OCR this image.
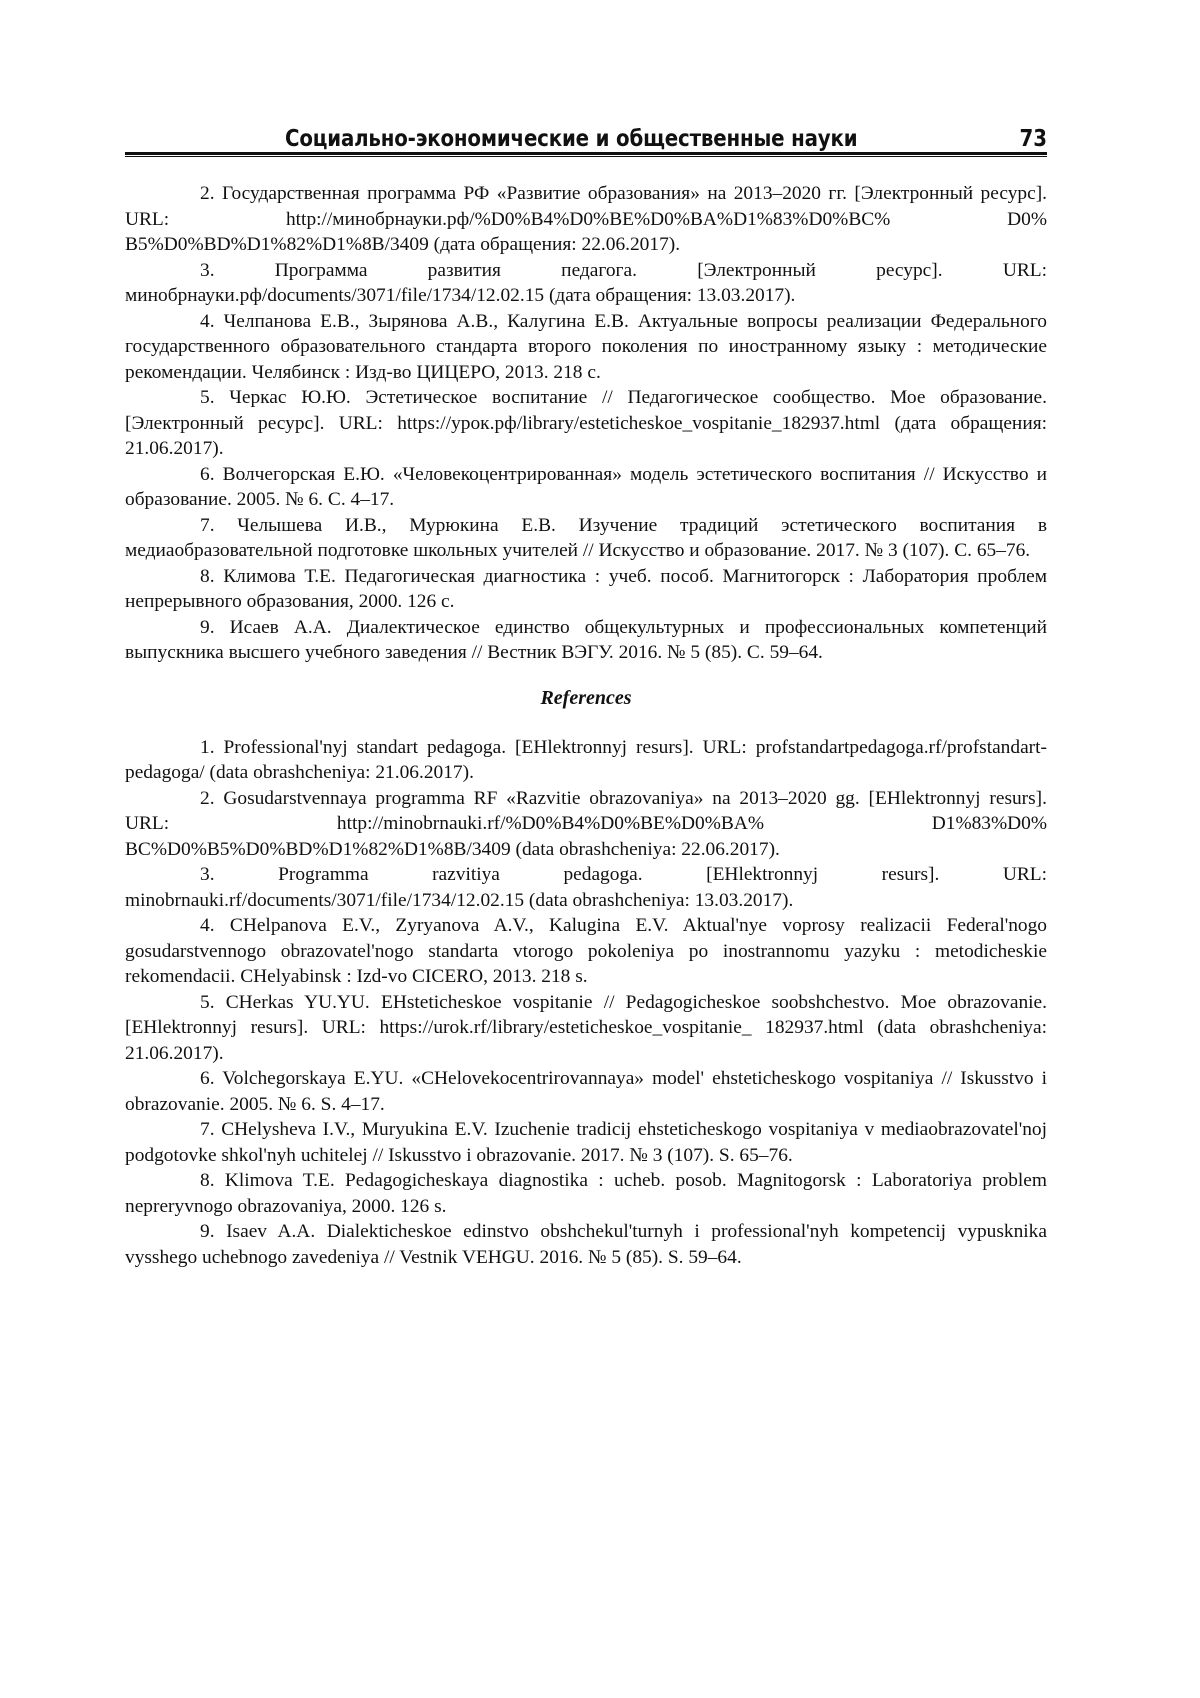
Социально-экономические и общественные науки	73

2. Государственная программа РФ «Развитие образования» на 2013–2020 гг. [Электронный ресурс]. URL: http://минобрнауки.рф/%D0%B4%D0%BE%D0%BA%D1%83%D0%BC% D0% B5%D0%BD%D1%82%D1%8B/3409 (дата обращения: 22.06.2017).

3. Программа развития педагога. [Электронный ресурс]. URL: минобрнауки.рф/documents/3071/file/1734/12.02.15 (дата обращения: 13.03.2017).

4. Челпанова Е.В., Зырянова А.В., Калугина Е.В. Актуальные вопросы реализации Федерального государственного образовательного стандарта второго поколения по иностранному языку : методические рекомендации. Челябинск : Изд-во ЦИЦЕРО, 2013. 218 с.

5. Черкас Ю.Ю. Эстетическое воспитание // Педагогическое сообщество. Мое образование. [Электронный ресурс]. URL: https://урок.рф/library/esteticheskoe_vospitanie_182937.html (дата обращения: 21.06.2017).

6. Волчегорская Е.Ю. «Человекоцентрированная» модель эстетического воспитания // Искусство и образование. 2005. № 6. С. 4–17.

7. Челышева И.В., Мурюкина Е.В. Изучение традиций эстетического воспитания в медиаобразовательной подготовке школьных учителей // Искусство и образование. 2017. № 3 (107). С. 65–76.

8. Климова Т.Е. Педагогическая диагностика : учеб. пособ. Магнитогорск : Лаборатория проблем непрерывного образования, 2000. 126 с.

9. Исаев А.А. Диалектическое единство общекультурных и профессиональных компетенций выпускника высшего учебного заведения // Вестник ВЭГУ. 2016. № 5 (85). С. 59–64.

References

1. Professional'nyj standart pedagoga. [EHlektronnyj resurs]. URL: profstandartpedagoga.rf/profstandart-pedagoga/ (data obrashcheniya: 21.06.2017).

2. Gosudarstvennaya programma RF «Razvitie obrazovaniya» na 2013–2020 gg. [EHlektronnyj resurs]. URL: http://minobrnauki.rf/%D0%B4%D0%BE%D0%BA% D1%83%D0% BC%D0%B5%D0%BD%D1%82%D1%8B/3409 (data obrashcheniya: 22.06.2017).

3. Programma razvitiya pedagoga. [EHlektronnyj resurs]. URL: minobrnauki.rf/documents/3071/file/1734/12.02.15 (data obrashcheniya: 13.03.2017).

4. CHelpanova E.V., Zyryanova A.V., Kalugina E.V. Aktual'nye voprosy realizacii Federal'nogo gosudarstvennogo obrazovatel'nogo standarta vtorogo pokoleniya po inostrannomu yazyku : metodicheskie rekomendacii. CHelyabinsk : Izd-vo CICERO, 2013. 218 s.

5. CHerkas YU.YU. EHsteticheskoe vospitanie // Pedagogicheskoe soobshchestvo. Moe obrazovanie. [EHlektronnyj resurs]. URL: https://urok.rf/library/esteticheskoe_vospitanie_ 182937.html (data obrashcheniya: 21.06.2017).

6. Volchegorskaya E.YU. «CHelovekocentrirovannaya» model' ehsteticheskogo vospitaniya // Iskusstvo i obrazovanie. 2005. № 6. S. 4–17.

7. CHelysheva I.V., Muryukina E.V. Izuchenie tradicij ehsteticheskogo vospitaniya v mediaobrazovatel'noj podgotovke shkol'nyh uchitelej // Iskusstvo i obrazovanie. 2017. № 3 (107). S. 65–76.

8. Klimova T.E. Pedagogicheskaya diagnostika : ucheb. posob. Magnitogorsk : Laboratoriya problem nepreryvnogo obrazovaniya, 2000. 126 s.

9. Isaev A.A. Dialekticheskoe edinstvo obshchekul'turnyh i professional'nyh kompetencij vypusknika vysshego uchebnogo zavedeniya // Vestnik VEHGU. 2016. № 5 (85). S. 59–64.
